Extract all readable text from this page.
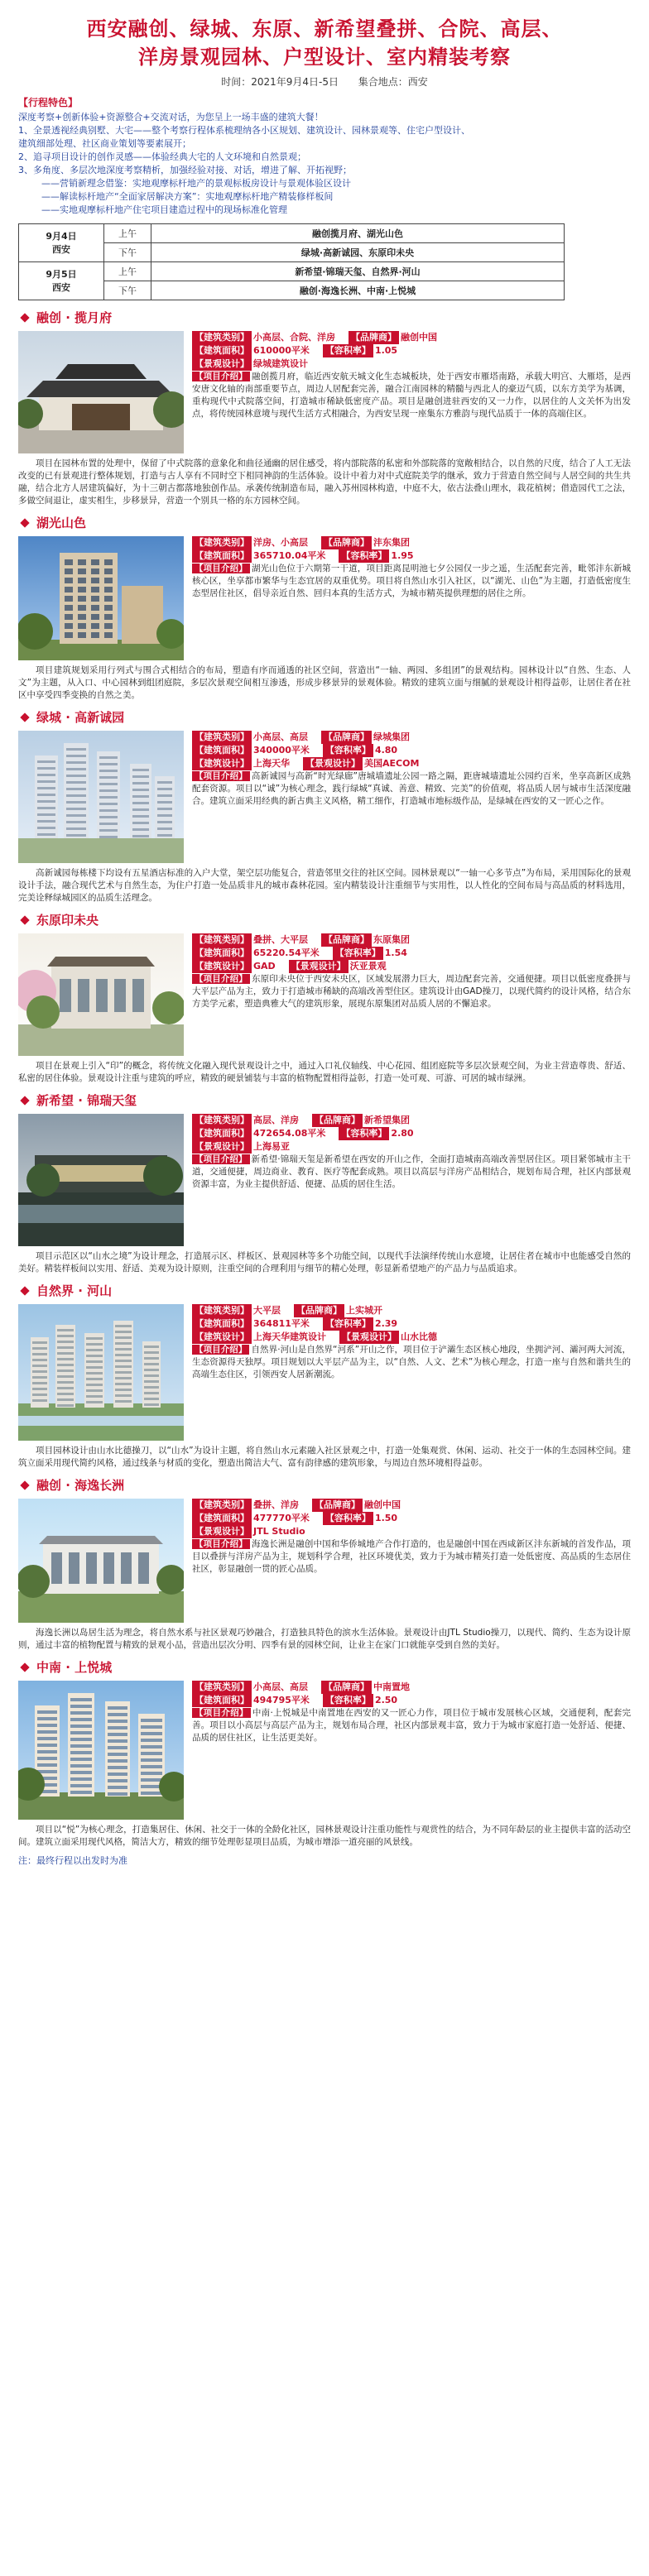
西安融创、绿城、东原、新希望叠拼、合院、高层、
洋房景观园林、户型设计、室内精装考察
时间：2021年9月4日-5日 集合地点：西安
【行程特色】
深度考察+创新体验+资源整合+交流对话，为您呈上一场丰盛的建筑大餐！
1、全景透视经典别墅、大宅——整个考察行程体系梳理纳各小区规划、建筑设计、园林景观等、住宅户型设计、
建筑细部处理、社区商业策划等要素展开；
2、追寻项目设计的创作灵感——体验经典大宅的人文环境和自然景观；
3、多角度、多层次地深度考察精析，加强经验对接、对话，增进了解、开拓视野；
——营销新理念借鉴：实地观摩标杆地产的景观标板房设计与景观体验区设计
——解读标杆地产“全面家居解决方案”：实地观摩标杆地产精装修样板间
——实地观摩标杆地产住宅项目建造过程中的现场标准化管理
9月4日
西安	上午	融创揽月府、湖光山色
	下午	绿城·高新诚园、东原印未央

9月5日
西安	上午	新希望·锦瑞天玺、自然界·河山
	下午	融创·海逸长洲、中南·上悦城
融创 · 揽月府
【建筑类别】 小高层、合院、洋房 【品牌商】 融创中国
【建筑面积】 610000平米 【容积率】 1.05
【景观设计】 绿城建筑设计
【项目介绍】 融创揽月府，临近西安航天城文化生态城板块，处于西安市雁塔南路，承载大明宫、大雁塔，是西安唐文化轴的南部重要节点，周边人居配套完善，融合江南园林的精髓与西北人的豪迈气质，以东方美学为基调，重构现代中式院落空间，打造城市稀缺低密度产品。项目是融创进驻西安的又一力作，以居住的人文关怀为出发点，将传统园林意境与现代生活方式相融合，为西安呈现一座集东方雅韵与现代品质于一体的高端住区。
项目在园林布置的处理中，保留了中式院落的意象化和曲径通幽的居住感受，将内部院落的私密和外部院落的宽敞相结合，以自然的尺度，结合了人工无法改变的已有景观进行整体规划，打造与古人享有不同时空下相同神韵的生活体验。设计中着力对中式庭院美学的继承，致力于营造自然空间与人居空间的共生共融，结合北方人居建筑偏好，为十三朝古都落地独创作品。承袭传统制造布局，融入苏州园林构造，中庭不大，依古法叠山理水，栽花植树；借造园代工之法，多做空间退让，虚实相生，步移景异，营造一个别具一格的东方园林空间。
湖光山色
【建筑类别】 洋房、小高层 【品牌商】 沣东集团
【建筑面积】 365710.04平米 【容积率】 1.95
【项目介绍】 湖光山色位于六期第一干道，项目距离昆明池七夕公园仅一步之遥，生活配套完善，毗邻沣东新城核心区，坐享都市繁华与生态宜居的双重优势。项目将自然山水引入社区，以“湖光、山色”为主题，打造低密度生态型居住社区，倡导亲近自然、回归本真的生活方式，为城市精英提供理想的居住之所。
项目建筑规划采用行列式与围合式相结合的布局，塑造有序而通透的社区空间，营造出“一轴、两园、多组团”的景观结构。园林设计以“自然、生态、人文”为主题，从入口、中心园林到组团庭院，多层次景观空间相互渗透，形成步移景异的景观体验。精致的建筑立面与细腻的景观设计相得益彰，让居住者在社区中享受四季变换的自然之美。
绿城 · 高新诚园
【建筑类别】 小高层、高层 【品牌商】 绿城集团
【建筑面积】 340000平米 【容积率】 4.80
【建筑设计】 上海天华 【景观设计】 美国AECOM
【项目介绍】 高新诚园与高新“时光绿廊”唐城墙遗址公园一路之隔，距唐城墙遗址公园约百米，坐享高新区成熟配套资源。项目以“诚”为核心理念，践行绿城“真诚、善意、精致、完美”的价值观，将品质人居与城市生活深度融合。建筑立面采用经典的新古典主义风格，精工细作，打造城市地标级作品，是绿城在西安的又一匠心之作。
高新诚园每栋楼下均设有五星酒店标准的入户大堂，架空层功能复合，营造邻里交往的社区空间。园林景观以“一轴一心多节点”为布局，采用国际化的景观设计手法，融合现代艺术与自然生态，为住户打造一处品质非凡的城市森林花园。室内精装设计注重细节与实用性，以人性化的空间布局与高品质的材料选用，完美诠释绿城园区的品质生活理念。
东原印未央
【建筑类别】 叠拼、大平层 【品牌商】 东原集团
【建筑面积】 65220.54平米 【容积率】 1.54
【建筑设计】 GAD 【景观设计】 沃亚景观
【项目介绍】 东原印未央位于西安未央区，区域发展潜力巨大，周边配套完善，交通便捷。项目以低密度叠拼与大平层产品为主，致力于打造城市稀缺的高端改善型住区。建筑设计由GAD操刀，以现代简约的设计风格，结合东方美学元素，塑造典雅大气的建筑形象，展现东原集团对品质人居的不懈追求。
项目在景观上引入“印”的概念，将传统文化融入现代景观设计之中，通过入口礼仪轴线、中心花园、组团庭院等多层次景观空间，为业主营造尊贵、舒适、私密的居住体验。景观设计注重与建筑的呼应，精致的硬景铺装与丰富的植物配置相得益彰，打造一处可观、可游、可居的城市绿洲。
新希望 · 锦瑞天玺
【建筑类别】 高层、洋房 【品牌商】 新希望集团
【建筑面积】 472654.08平米 【容积率】 2.80
【景观设计】 上海易亚
【项目介绍】 新希望·锦瑞天玺是新希望在西安的开山之作，全面打造城南高端改善型居住区。项目紧邻城市主干道，交通便捷，周边商业、教育、医疗等配套成熟。项目以高层与洋房产品相结合，规划布局合理，社区内部景观资源丰富，为业主提供舒适、便捷、品质的居住生活。
项目示范区以“山水之境”为设计理念，打造展示区、样板区、景观园林等多个功能空间，以现代手法演绎传统山水意境，让居住者在城市中也能感受自然的美好。精装样板间以实用、舒适、美观为设计原则，注重空间的合理利用与细节的精心处理，彰显新希望地产的产品力与品质追求。
自然界 · 河山
【建筑类别】 大平层 【品牌商】 上实城开
【建筑面积】 364811平米 【容积率】 2.39
【建筑设计】 上海天华建筑设计 【景观设计】 山水比德
【项目介绍】 自然界·河山是自然界“河系”开山之作，项目位于浐灞生态区核心地段，坐拥浐河、灞河两大河流，生态资源得天独厚。项目规划以大平层产品为主，以“自然、人文、艺术”为核心理念，打造一座与自然和谐共生的高端生态住区，引领西安人居新潮流。
项目园林设计由山水比德操刀，以“山水”为设计主题，将自然山水元素融入社区景观之中，打造一处集观赏、休闲、运动、社交于一体的生态园林空间。建筑立面采用现代简约风格，通过线条与材质的变化，塑造出简洁大气、富有韵律感的建筑形象，与周边自然环境相得益彰。
融创 · 海逸长洲
【建筑类别】 叠拼、洋房 【品牌商】 融创中国
【建筑面积】 477770平米 【容积率】 1.50
【景观设计】 JTL Studio
【项目介绍】 海逸长洲是融创中国和华侨城地产合作打造的，也是融创中国在西咸新区沣东新城的首发作品，项目以叠拼与洋房产品为主，规划科学合理，社区环境优美，致力于为城市精英打造一处低密度、高品质的生态居住社区，彰显融创一贯的匠心品质。
海逸长洲以岛居生活为理念，将自然水系与社区景观巧妙融合，打造独具特色的滨水生活体验。景观设计由JTL Studio操刀，以现代、简约、生态为设计原则，通过丰富的植物配置与精致的景观小品，营造出层次分明、四季有景的园林空间，让业主在家门口就能享受到自然的美好。
中南 · 上悦城
【建筑类别】 小高层、高层 【品牌商】 中南置地
【建筑面积】 494795平米 【容积率】 2.50
【项目介绍】 中南·上悦城是中南置地在西安的又一匠心力作，项目位于城市发展核心区域，交通便利，配套完善。项目以小高层与高层产品为主，规划布局合理，社区内部景观丰富，致力于为城市家庭打造一处舒适、便捷、品质的居住社区，让生活更美好。
项目以“悦”为核心理念，打造集居住、休闲、社交于一体的全龄化社区，园林景观设计注重功能性与观赏性的结合，为不同年龄层的业主提供丰富的活动空间。建筑立面采用现代风格，简洁大方，精致的细节处理彰显项目品质，为城市增添一道亮丽的风景线。
注：最终行程以出发时为准
